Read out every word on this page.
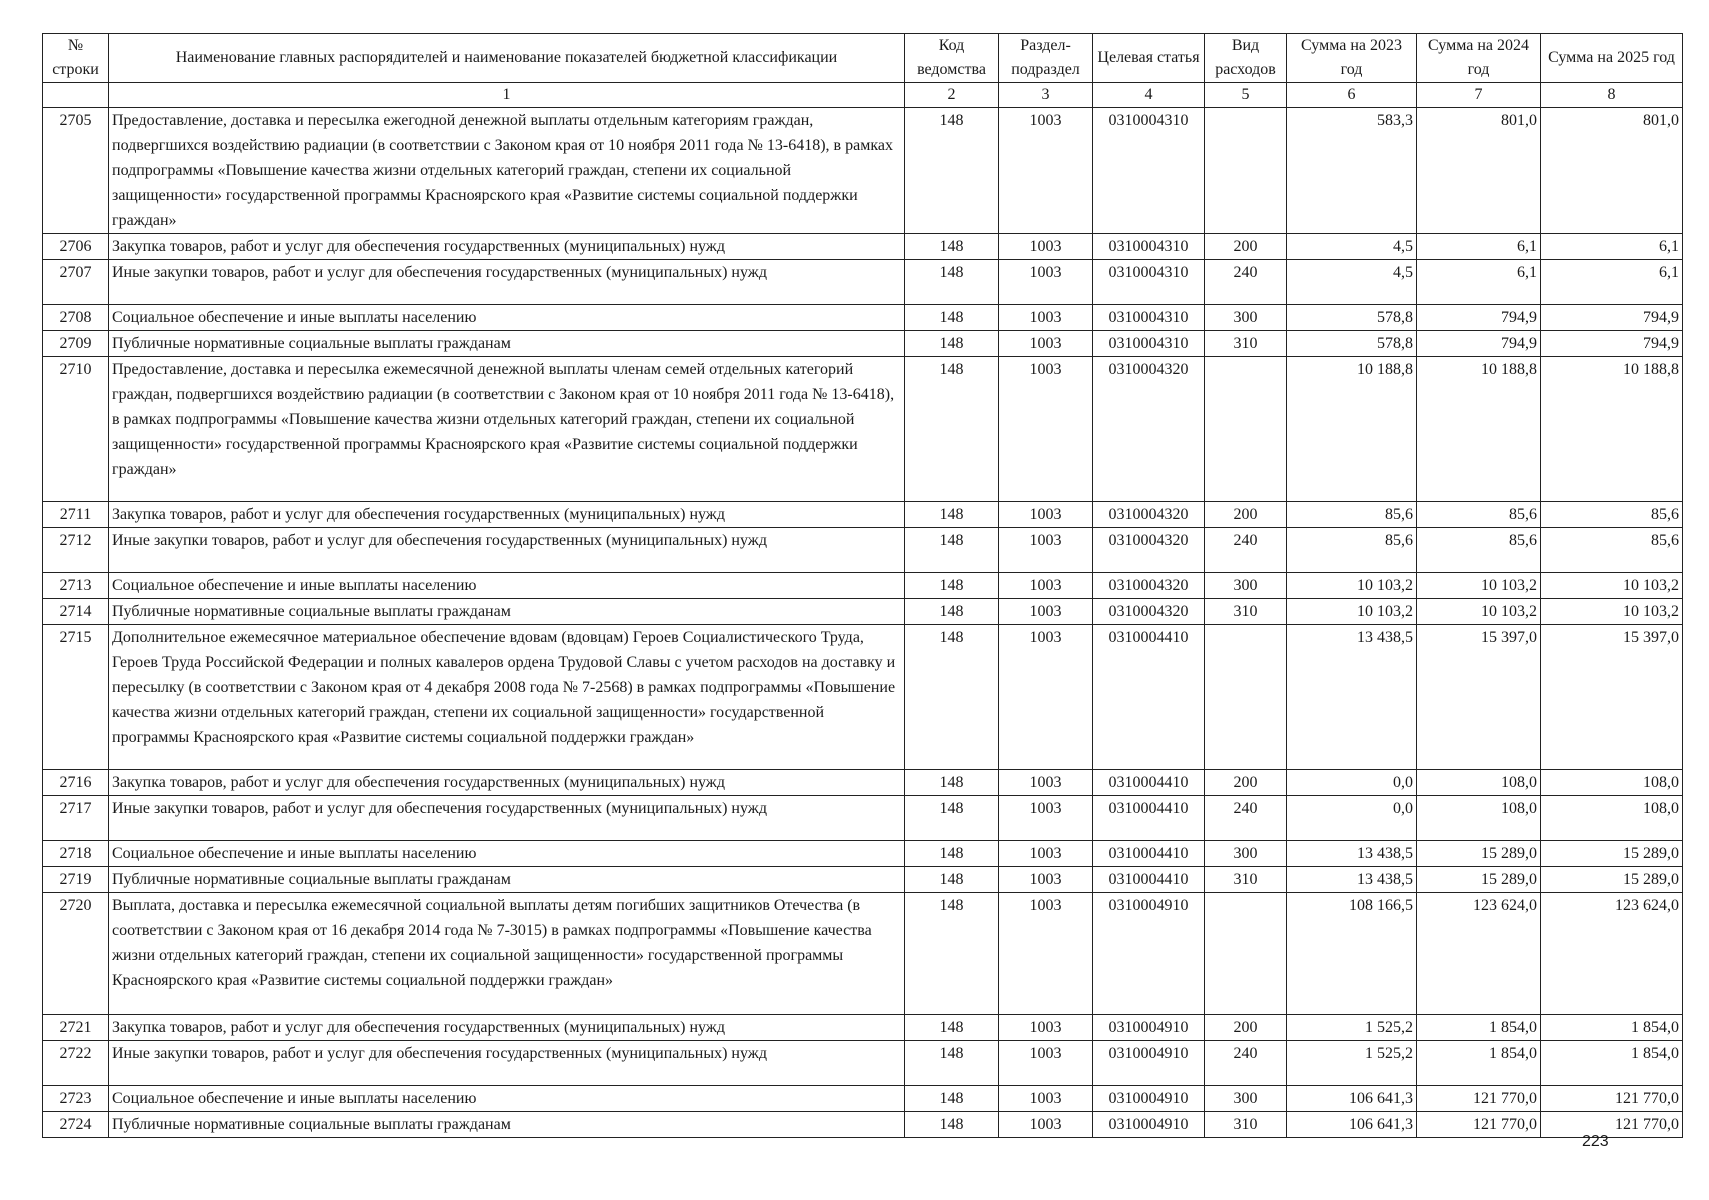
№ строки	Наименование главных распорядителей и наименование показателей бюджетной классификации	Код ведомства	Раздел-подраздел	Целевая статья	Вид расходов	Сумма на 2023 год	Сумма на 2024 год	Сумма на 2025 год
	1	2	3	4	5	6	7	8
2705	Предоставление, доставка и пересылка ежегодной денежной выплаты отдельным категориям граждан, подвергшихся воздействию радиации (в соответствии с Законом края от 10 ноября 2011 года № 13-6418), в рамках подпрограммы «Повышение качества жизни отдельных категорий граждан, степени их социальной защищенности» государственной программы Красноярского края «Развитие системы социальной поддержки граждан»	148	1003	0310004310		583,3	801,0	801,0
2706	Закупка товаров, работ и услуг для обеспечения государственных (муниципальных) нужд	148	1003	0310004310	200	4,5	6,1	6,1
2707	Иные закупки товаров, работ и услуг для обеспечения государственных (муниципальных) нужд	148	1003	0310004310	240	4,5	6,1	6,1
2708	Социальное обеспечение и иные выплаты населению	148	1003	0310004310	300	578,8	794,9	794,9
2709	Публичные нормативные социальные выплаты гражданам	148	1003	0310004310	310	578,8	794,9	794,9
2710	Предоставление, доставка и пересылка ежемесячной денежной выплаты членам семей отдельных категорий граждан, подвергшихся воздействию радиации (в соответствии с Законом края от 10 ноября 2011 года № 13-6418), в рамках подпрограммы «Повышение качества жизни отдельных категорий граждан, степени их социальной защищенности» государственной программы Красноярского края «Развитие системы социальной поддержки граждан»	148	1003	0310004320		10 188,8	10 188,8	10 188,8
2711	Закупка товаров, работ и услуг для обеспечения государственных (муниципальных) нужд	148	1003	0310004320	200	85,6	85,6	85,6
2712	Иные закупки товаров, работ и услуг для обеспечения государственных (муниципальных) нужд	148	1003	0310004320	240	85,6	85,6	85,6
2713	Социальное обеспечение и иные выплаты населению	148	1003	0310004320	300	10 103,2	10 103,2	10 103,2
2714	Публичные нормативные социальные выплаты гражданам	148	1003	0310004320	310	10 103,2	10 103,2	10 103,2
2715	Дополнительное ежемесячное материальное обеспечение вдовам (вдовцам) Героев Социалистического Труда, Героев Труда Российской Федерации и полных кавалеров ордена Трудовой Славы с учетом расходов на доставку и пересылку (в соответствии с Законом края от 4 декабря 2008 года № 7-2568) в рамках подпрограммы «Повышение качества жизни отдельных категорий граждан, степени их социальной защищенности» государственной программы Красноярского края «Развитие системы социальной поддержки граждан»	148	1003	0310004410		13 438,5	15 397,0	15 397,0
2716	Закупка товаров, работ и услуг для обеспечения государственных (муниципальных) нужд	148	1003	0310004410	200	0,0	108,0	108,0
2717	Иные закупки товаров, работ и услуг для обеспечения государственных (муниципальных) нужд	148	1003	0310004410	240	0,0	108,0	108,0
2718	Социальное обеспечение и иные выплаты населению	148	1003	0310004410	300	13 438,5	15 289,0	15 289,0
2719	Публичные нормативные социальные выплаты гражданам	148	1003	0310004410	310	13 438,5	15 289,0	15 289,0
2720	Выплата, доставка и пересылка ежемесячной социальной выплаты детям погибших защитников Отечества (в соответствии с Законом края от 16 декабря 2014 года № 7-3015) в рамках подпрограммы «Повышение качества жизни отдельных категорий граждан, степени их социальной защищенности» государственной программы Красноярского края «Развитие системы социальной поддержки граждан»	148	1003	0310004910		108 166,5	123 624,0	123 624,0
2721	Закупка товаров, работ и услуг для обеспечения государственных (муниципальных) нужд	148	1003	0310004910	200	1 525,2	1 854,0	1 854,0
2722	Иные закупки товаров, работ и услуг для обеспечения государственных (муниципальных) нужд	148	1003	0310004910	240	1 525,2	1 854,0	1 854,0
2723	Социальное обеспечение и иные выплаты населению	148	1003	0310004910	300	106 641,3	121 770,0	121 770,0
2724	Публичные нормативные социальные выплаты гражданам	148	1003	0310004910	310	106 641,3	121 770,0	121 770,0
223
